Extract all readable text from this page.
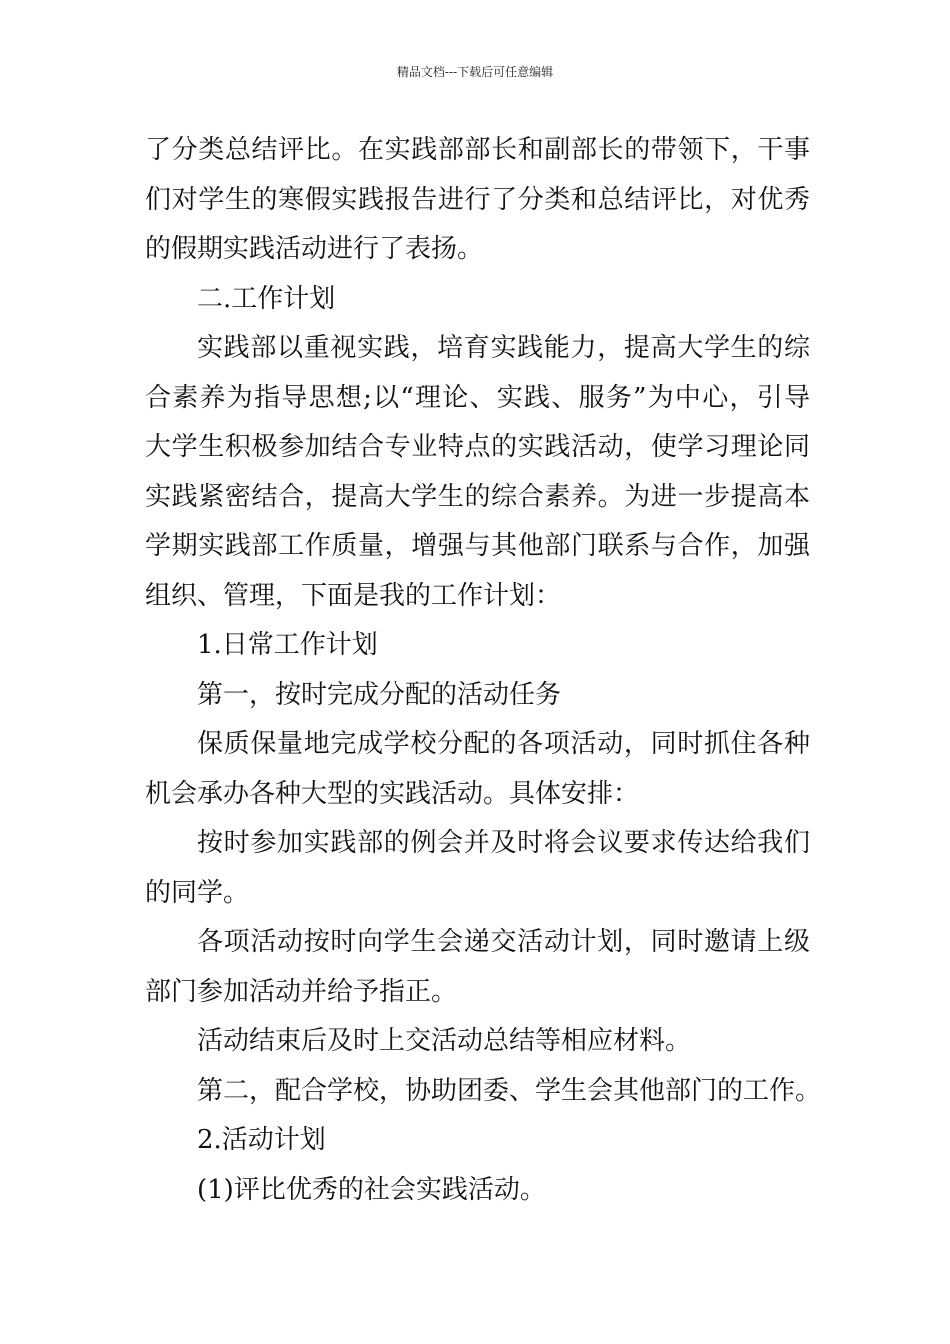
精品文档---下载后可任意编辑
了分类总结评比。在实践部部长和副部长的带领下，干事
们对学生的寒假实践报告进行了分类和总结评比，对优秀
的假期实践活动进行了表扬。
二.工作计划
实践部以重视实践，培育实践能力，提高大学生的综
合素养为指导思想;以“理论、实践、服务”为中心，引导
大学生积极参加结合专业特点的实践活动，使学习理论同
实践紧密结合，提高大学生的综合素养。为进一步提高本
学期实践部工作质量，增强与其他部门联系与合作，加强
组织、管理，下面是我的工作计划：
1.日常工作计划
第一，按时完成分配的活动任务
保质保量地完成学校分配的各项活动，同时抓住各种
机会承办各种大型的实践活动。具体安排：
按时参加实践部的例会并及时将会议要求传达给我们
的同学。
各项活动按时向学生会递交活动计划，同时邀请上级
部门参加活动并给予指正。
活动结束后及时上交活动总结等相应材料。
第二，配合学校，协助团委、学生会其他部门的工作。
2.活动计划
(1)评比优秀的社会实践活动。
